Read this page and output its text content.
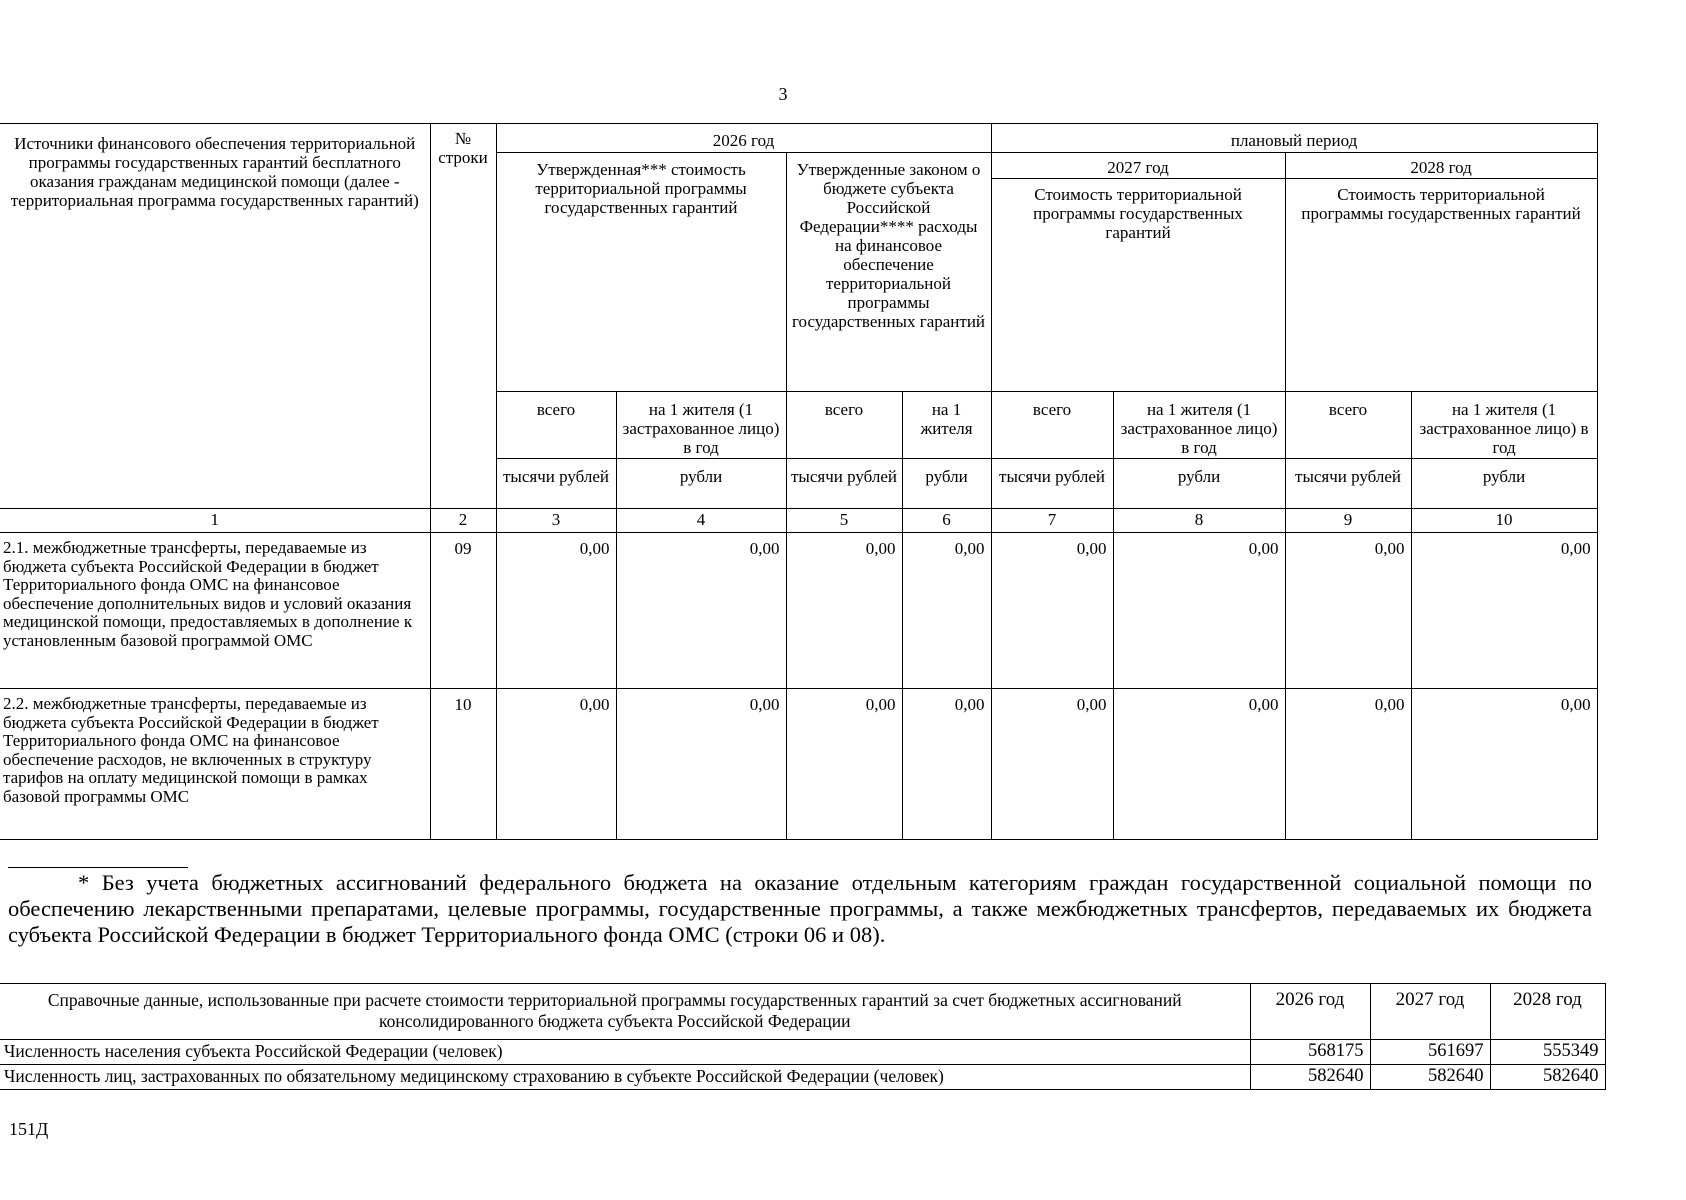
3
Источники финансового обеспечения территориальной программы государственных гарантий бесплатного оказания гражданам медицинской помощи (далее - территориальная программа государственных гарантий)	№ строки	2026 год				плановый период			
		Утвержденная*** стоимость территориальной программы государственных гарантий		Утвержденные законом о бюджете субъекта Российской Федерации**** расходы на финансовое обеспечение территориальной программы государственных гарантий		2027 год		2028 год	
						Стоимость территориальной программы государственных гарантий		Стоимость территориальной программы государственных гарантий	
		всего	на 1 жителя (1 застрахованное лицо) в год	всего	на 1 жителя	всего	на 1 жителя (1 застрахованное лицо) в год	всего	на 1 жителя (1 застрахованное лицо) в год
		тысячи рублей	рубли	тысячи рублей	рубли	тысячи рублей	рубли	тысячи рублей	рубли
1	2	3	4	5	6	7	8	9	10
2.1. межбюджетные трансферты, передаваемые из бюджета субъекта Российской Федерации в бюджет Территориального фонда ОМС на финансовое обеспечение дополнительных видов и условий оказания медицинской помощи, предоставляемых в дополнение к установленным базовой программой ОМС	09	0,00	0,00	0,00	0,00	0,00	0,00	0,00	0,00
2.2. межбюджетные трансферты, передаваемые из бюджета субъекта Российской Федерации в бюджет Территориального фонда ОМС на финансовое обеспечение расходов, не включенных в структуру тарифов на оплату медицинской помощи в рамках базовой программы ОМС	10	0,00	0,00	0,00	0,00	0,00	0,00	0,00	0,00
* Без учета бюджетных ассигнований федерального бюджета на оказание отдельным категориям граждан государственной социальной помощи по обеспечению лекарственными препаратами, целевые программы, государственные программы, а также межбюджетных трансфертов, передаваемых их бюджета субъекта Российской Федерации в бюджет Территориального фонда ОМС (строки 06 и 08).
Справочные данные, использованные при расчете стоимости территориальной программы государственных гарантий за счет бюджетных ассигнований консолидированного бюджета субъекта Российской Федерации	2026 год	2027 год	2028 год
Численность населения субъекта Российской Федерации (человек)	568175	561697	555349
Численность лиц, застрахованных по обязательному медицинскому страхованию в субъекте Российской Федерации (человек)	582640	582640	582640
151Д
